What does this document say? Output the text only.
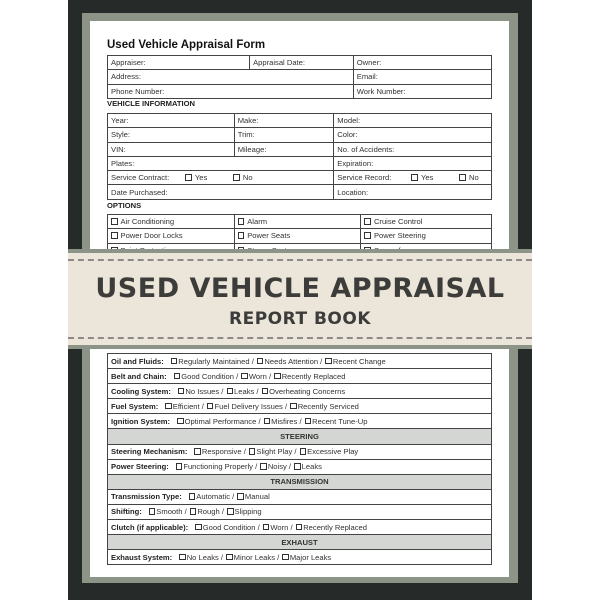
Used Vehicle Appraisal Form
Appraiser:	Appraisal Date:	Owner:
Address:		Email:
Phone Number:		Work Number:
VEHICLE INFORMATION
Year:	Make:	Model:
Style:	Trim:	Color:
VIN:	Mileage:	No. of Accidents:
Plates:		Expiration:
Service Contract: Yes No		Service Record: Yes No
Date Purchased:		Location:
OPTIONS
Air Conditioning	Alarm	Cruise Control
Power Door Locks	Power Seats	Power Steering

Oil and Fluids: Regularly Maintained / Needs Attention / Recent Change
Belt and Chain: Good Condition / Worn / Recently Replaced
Cooling System: No Issues / Leaks / Overheating Concerns
Fuel System: Efficient / Fuel Delivery Issues / Recently Serviced
Ignition System: Optimal Performance / Misfires / Recent Tune-Up
STEERING
Steering Mechanism: Responsive / Slight Play / Excessive Play
Power Steering: Functioning Properly / Noisy / Leaks
TRANSMISSION
Transmission Type: Automatic / Manual
Shifting: Smooth / Rough / Slipping
Clutch (if applicable): Good Condition / Worn / Recently Replaced
EXHAUST
Exhaust System: No Leaks / Minor Leaks / Major Leaks
USED VEHICLE APPRAISAL
REPORT BOOK
